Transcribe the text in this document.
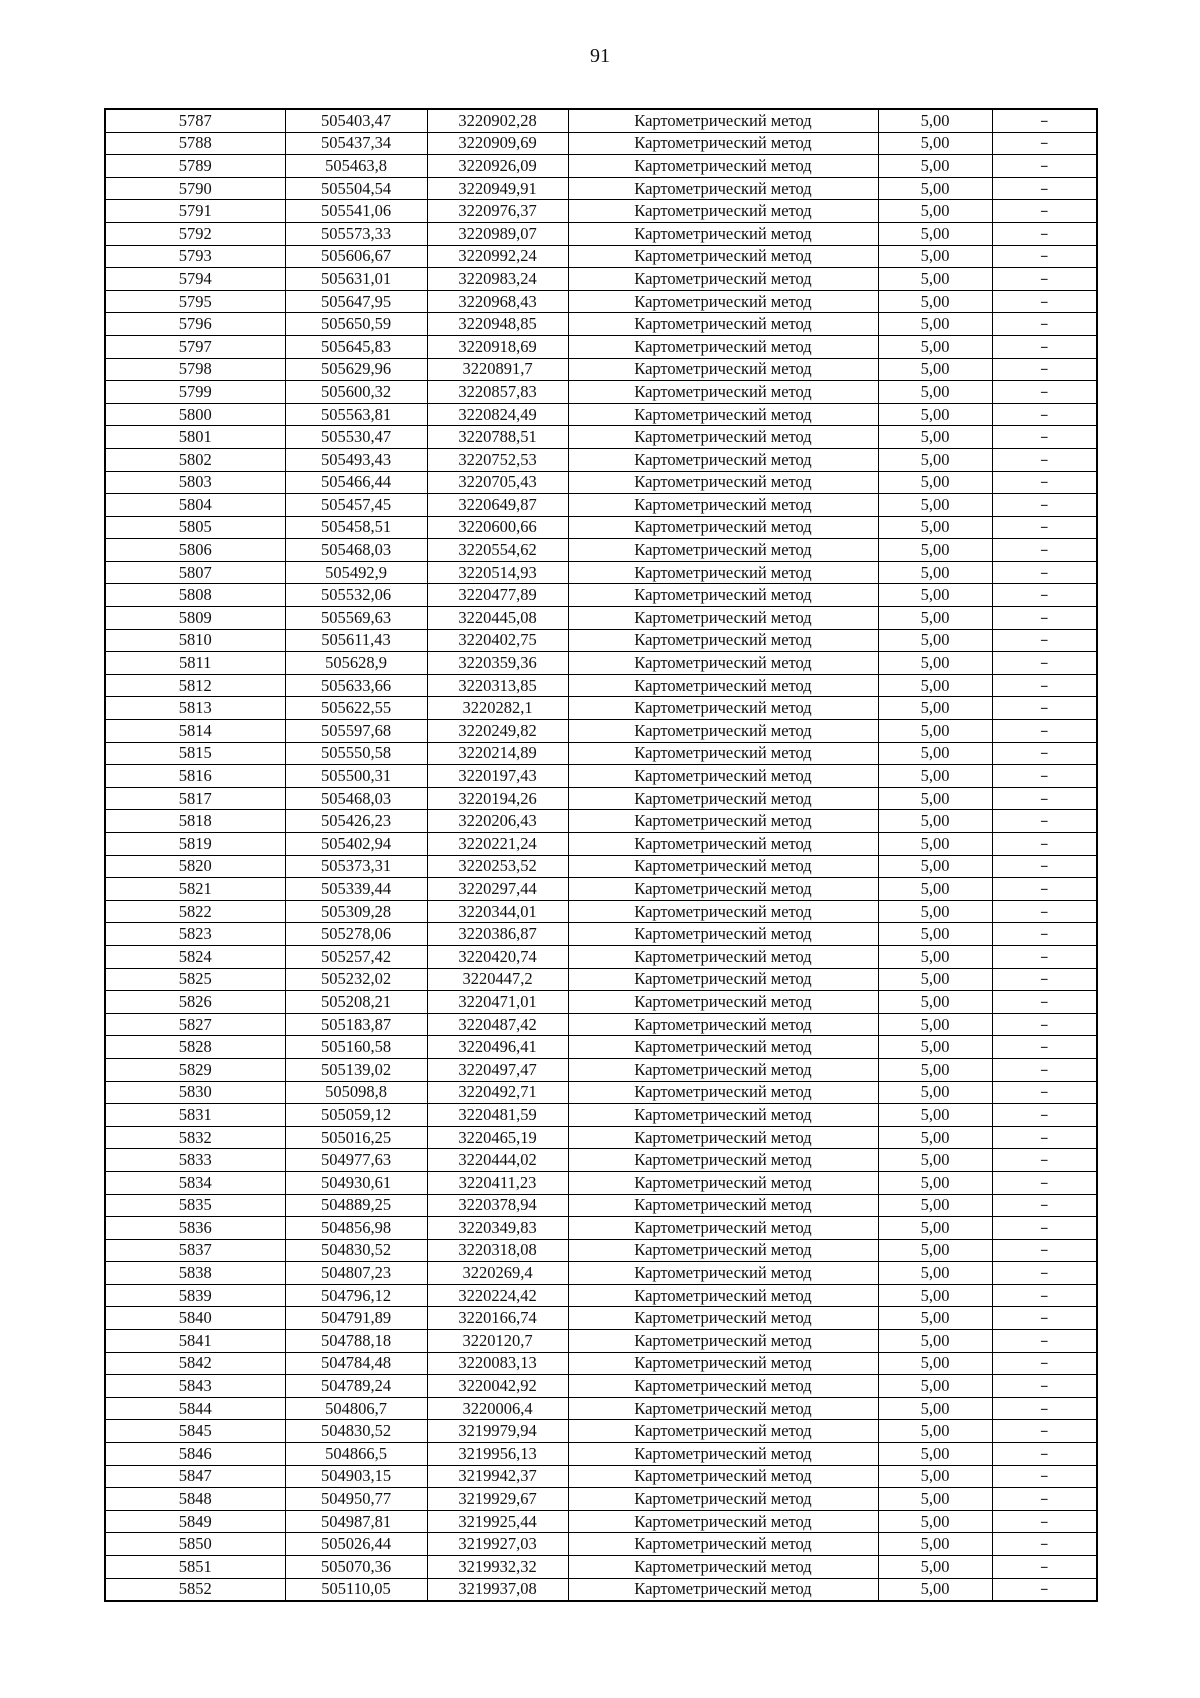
91
5787	505403,47	3220902,28	Картометрический метод	5,00	–
5788	505437,34	3220909,69	Картометрический метод	5,00	–
5789	505463,8	3220926,09	Картометрический метод	5,00	–
5790	505504,54	3220949,91	Картометрический метод	5,00	–
5791	505541,06	3220976,37	Картометрический метод	5,00	–
5792	505573,33	3220989,07	Картометрический метод	5,00	–
5793	505606,67	3220992,24	Картометрический метод	5,00	–
5794	505631,01	3220983,24	Картометрический метод	5,00	–
5795	505647,95	3220968,43	Картометрический метод	5,00	–
5796	505650,59	3220948,85	Картометрический метод	5,00	–
5797	505645,83	3220918,69	Картометрический метод	5,00	–
5798	505629,96	3220891,7	Картометрический метод	5,00	–
5799	505600,32	3220857,83	Картометрический метод	5,00	–
5800	505563,81	3220824,49	Картометрический метод	5,00	–
5801	505530,47	3220788,51	Картометрический метод	5,00	–
5802	505493,43	3220752,53	Картометрический метод	5,00	–
5803	505466,44	3220705,43	Картометрический метод	5,00	–
5804	505457,45	3220649,87	Картометрический метод	5,00	–
5805	505458,51	3220600,66	Картометрический метод	5,00	–
5806	505468,03	3220554,62	Картометрический метод	5,00	–
5807	505492,9	3220514,93	Картометрический метод	5,00	–
5808	505532,06	3220477,89	Картометрический метод	5,00	–
5809	505569,63	3220445,08	Картометрический метод	5,00	–
5810	505611,43	3220402,75	Картометрический метод	5,00	–
5811	505628,9	3220359,36	Картометрический метод	5,00	–
5812	505633,66	3220313,85	Картометрический метод	5,00	–
5813	505622,55	3220282,1	Картометрический метод	5,00	–
5814	505597,68	3220249,82	Картометрический метод	5,00	–
5815	505550,58	3220214,89	Картометрический метод	5,00	–
5816	505500,31	3220197,43	Картометрический метод	5,00	–
5817	505468,03	3220194,26	Картометрический метод	5,00	–
5818	505426,23	3220206,43	Картометрический метод	5,00	–
5819	505402,94	3220221,24	Картометрический метод	5,00	–
5820	505373,31	3220253,52	Картометрический метод	5,00	–
5821	505339,44	3220297,44	Картометрический метод	5,00	–
5822	505309,28	3220344,01	Картометрический метод	5,00	–
5823	505278,06	3220386,87	Картометрический метод	5,00	–
5824	505257,42	3220420,74	Картометрический метод	5,00	–
5825	505232,02	3220447,2	Картометрический метод	5,00	–
5826	505208,21	3220471,01	Картометрический метод	5,00	–
5827	505183,87	3220487,42	Картометрический метод	5,00	–
5828	505160,58	3220496,41	Картометрический метод	5,00	–
5829	505139,02	3220497,47	Картометрический метод	5,00	–
5830	505098,8	3220492,71	Картометрический метод	5,00	–
5831	505059,12	3220481,59	Картометрический метод	5,00	–
5832	505016,25	3220465,19	Картометрический метод	5,00	–
5833	504977,63	3220444,02	Картометрический метод	5,00	–
5834	504930,61	3220411,23	Картометрический метод	5,00	–
5835	504889,25	3220378,94	Картометрический метод	5,00	–
5836	504856,98	3220349,83	Картометрический метод	5,00	–
5837	504830,52	3220318,08	Картометрический метод	5,00	–
5838	504807,23	3220269,4	Картометрический метод	5,00	–
5839	504796,12	3220224,42	Картометрический метод	5,00	–
5840	504791,89	3220166,74	Картометрический метод	5,00	–
5841	504788,18	3220120,7	Картометрический метод	5,00	–
5842	504784,48	3220083,13	Картометрический метод	5,00	–
5843	504789,24	3220042,92	Картометрический метод	5,00	–
5844	504806,7	3220006,4	Картометрический метод	5,00	–
5845	504830,52	3219979,94	Картометрический метод	5,00	–
5846	504866,5	3219956,13	Картометрический метод	5,00	–
5847	504903,15	3219942,37	Картометрический метод	5,00	–
5848	504950,77	3219929,67	Картометрический метод	5,00	–
5849	504987,81	3219925,44	Картометрический метод	5,00	–
5850	505026,44	3219927,03	Картометрический метод	5,00	–
5851	505070,36	3219932,32	Картометрический метод	5,00	–
5852	505110,05	3219937,08	Картометрический метод	5,00	–
